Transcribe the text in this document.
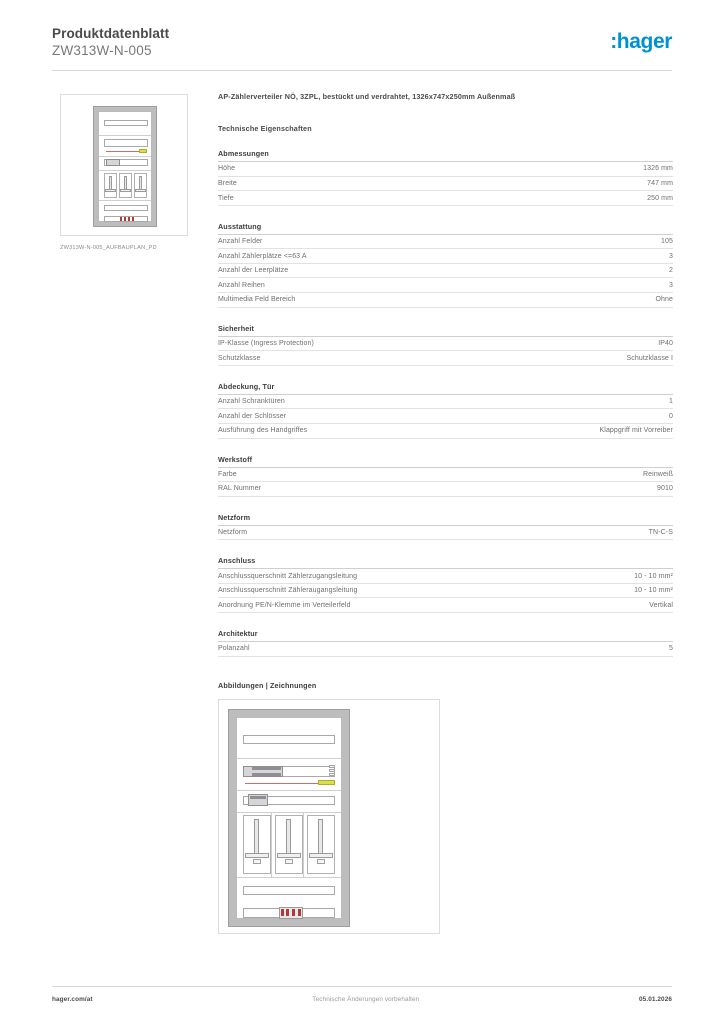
Produktdatenblatt
ZW313W-N-005	:hager
ZW313W-N-005_AUFBAUPLAN_PD
AP-Zählerverteiler NÖ, 3ZPL, bestückt und verdrahtet, 1326x747x250mm Außenmaß
Technische Eigenschaften
Abmessungen
Höhe	1326 mm
Breite	747 mm
Tiefe	250 mm
Ausstattung
Anzahl Felder	105
Anzahl Zählerplätze <=63 A	3
Anzahl der Leerplätze	2
Anzahl Reihen	3
Multimedia Feld Bereich	Ohne
Sicherheit
IP-Klasse (Ingress Protection)	IP40
Schutzklasse	Schutzklasse I
Abdeckung, Tür
Anzahl Schranktüren	1
Anzahl der Schlösser	0
Ausführung des Handgriffes	Klappgriff mit Vorreiber
Werkstoff
Farbe	Reinweiß
RAL Nummer	9010
Netzform
Netzform	TN-C-S
Anschluss
Anschlussquerschnitt Zählerzugangsleitung	10 - 10 mm²
Anschlussquerschnitt Zähleraugangsleitung	10 - 10 mm²
Anordnung PE/N-Klemme im Verteilerfeld	Vertikal
Architektur
Polanzahl	5
Abbildungen | Zeichnungen
hager.com/at	Technische Änderungen vorbehalten	05.01.2026
